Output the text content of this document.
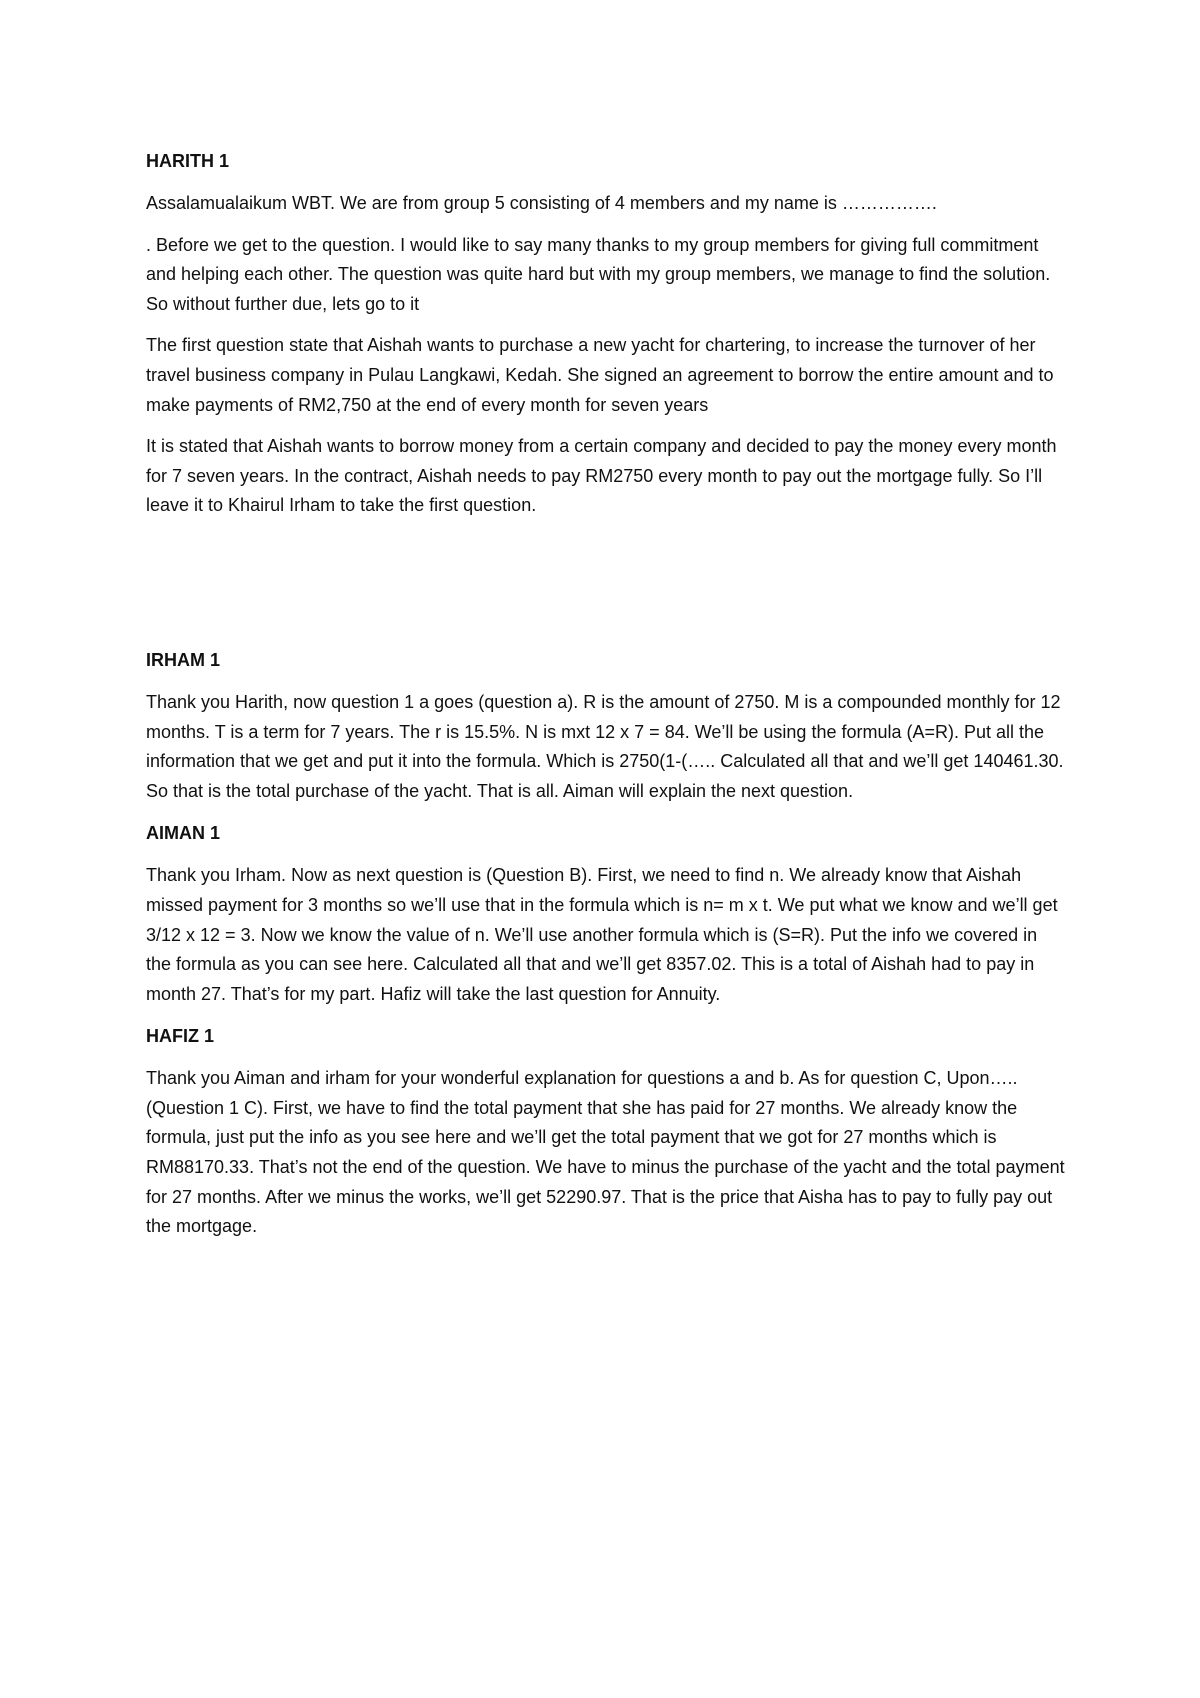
HARITH 1

Assalamualaikum WBT. We are from group 5 consisting of 4 members and my name is …………….

. Before we get to the question. I would like to say many thanks to my group members for giving full commitment and helping each other. The question was quite hard but with my group members, we manage to find the solution. So without further due, lets go to it

The first question state that Aishah wants to purchase a new yacht for chartering, to increase the turnover of her travel business company in Pulau Langkawi, Kedah. She signed an agreement to borrow the entire amount and to make payments of RM2,750 at the end of every month for seven years

It is stated that Aishah wants to borrow money from a certain company and decided to pay the money every month for 7 seven years. In the contract, Aishah needs to pay RM2750 every month to pay out the mortgage fully. So I’ll leave it to Khairul Irham to take the first question.

IRHAM 1

Thank you Harith, now question 1 a goes (question a). R is the amount of 2750. M is a compounded monthly for 12 months. T is a term for 7 years. The r is 15.5%. N is mxt 12 x 7 = 84. We’ll be using the formula (A=R). Put all the information that we get and put it into the formula. Which is 2750(1-(….. Calculated all that and we’ll get 140461.30. So that is the total purchase of the yacht. That is all. Aiman will explain the next question.

AIMAN 1

Thank you Irham. Now as next question is (Question B). First, we need to find n. We already know that Aishah missed payment for 3 months so we’ll use that in the formula which is n= m x t. We put what we know and we’ll get 3/12 x 12 = 3. Now we know the value of n. We’ll use another formula which is (S=R). Put the info we covered in the formula as you can see here. Calculated all that and we’ll get 8357.02. This is a total of Aishah had to pay in month 27. That’s for my part. Hafiz will take the last question for Annuity.

HAFIZ 1

Thank you Aiman and irham for your wonderful explanation for questions a and b. As for question C, Upon…..(Question 1 C). First, we have to find the total payment that she has paid for 27 months. We already know the formula, just put the info as you see here and we’ll get the total payment that we got for 27 months which is RM88170.33. That’s not the end of the question. We have to minus the purchase of the yacht and the total payment for 27 months. After we minus the works, we’ll get 52290.97. That is the price that Aisha has to pay to fully pay out the mortgage.
